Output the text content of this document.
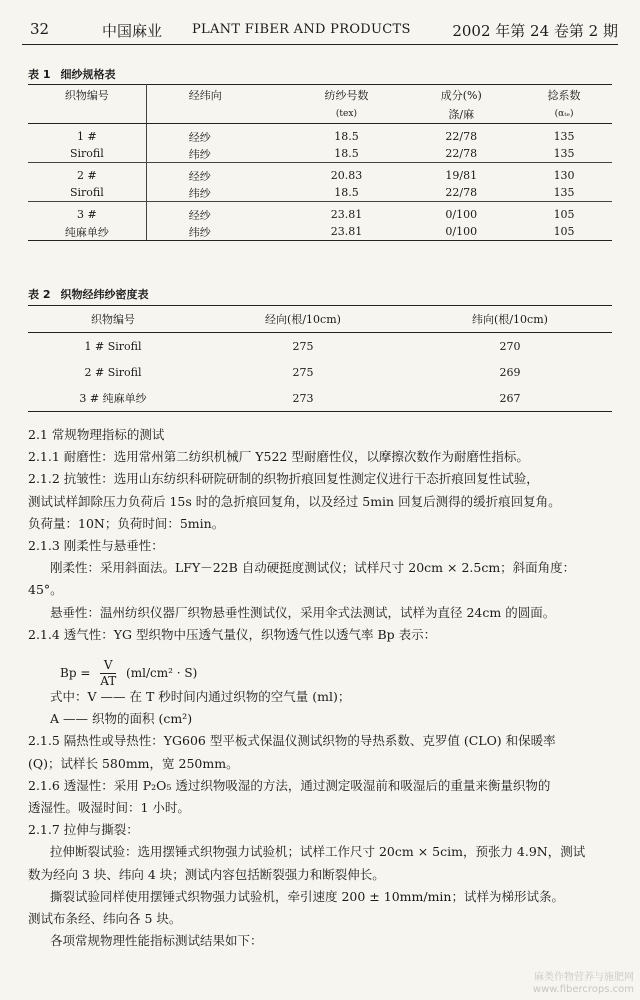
32	中国麻业 PLANT FIBER AND PRODUCTS	2002 年第 24 卷第 2 期
表 1 细纱规格表
织物编号	经纬向	纺纱号数	成分(%)	捻系数
		(tex)	涤/麻	(αₜₑ)
1 #	经纱	18.5	22/78	135
Sirofil	纬纱	18.5	22/78	135
2 #	经纱	20.83	19/81	130
Sirofil	纬纱	18.5	22/78	135
3 #	经纱	23.81	0/100	105
纯麻单纱	纬纱	23.81	0/100	105
表 2 织物经纬纱密度表
织物编号	经向(根/10cm)	纬向(根/10cm)
1 # Sirofil	275	270
2 # Sirofil	275	269
3 # 纯麻单纱	273	267
2.1 常规物理指标的测试
2.1.1 耐磨性：选用常州第二纺织机械厂 Y522 型耐磨性仪，以摩擦次数作为耐磨性指标。
2.1.2 抗皱性：选用山东纺织科研院研制的织物折痕回复性测定仪进行干态折痕回复性试验，
测试试样卸除压力负荷后 15s 时的急折痕回复角，以及经过 5min 回复后测得的缓折痕回复角。
负荷量：10N；负荷时间：5min。
2.1.3 刚柔性与悬垂性：
刚柔性：采用斜面法。LFY－22B 自动硬挺度测试仪；试样尺寸 20cm × 2.5cm；斜面角度：
45°。
悬垂性：温州纺织仪器厂织物悬垂性测试仪，采用伞式法测试，试样为直径 24cm 的圆面。
2.1.4 透气性：YG 型织物中压透气量仪，织物透气性以透气率 Bp 表示：
式中：V —— 在 T 秒时间内通过织物的空气量 (ml)；
A —— 织物的面积 (cm²)
2.1.5 隔热性或导热性：YG606 型平板式保温仪测试织物的导热系数、克罗值 (CLO) 和保暖率
(Q)；试样长 580mm，宽 250mm。
2.1.6 透湿性：采用 P₂O₅ 透过织物吸湿的方法，通过测定吸湿前和吸湿后的重量来衡量织物的
透湿性。吸湿时间：1 小时。
2.1.7 拉伸与撕裂：
拉伸断裂试验：选用摆锤式织物强力试验机；试样工作尺寸 20cm × 5cim，预张力 4.9N，测试
数为经向 3 块、纬向 4 块；测试内容包括断裂强力和断裂伸长。
撕裂试验同样使用摆锤式织物强力试验机，牵引速度 200 ± 10mm/min；试样为梯形试条。
测试布条经、纬向各 5 块。
各项常规物理性能指标测试结果如下：
$Bp = \frac{V}{AT} (ml/cm^2 \cdot S)$
麻类作物营养与施肥网
www.fibercrops.com
